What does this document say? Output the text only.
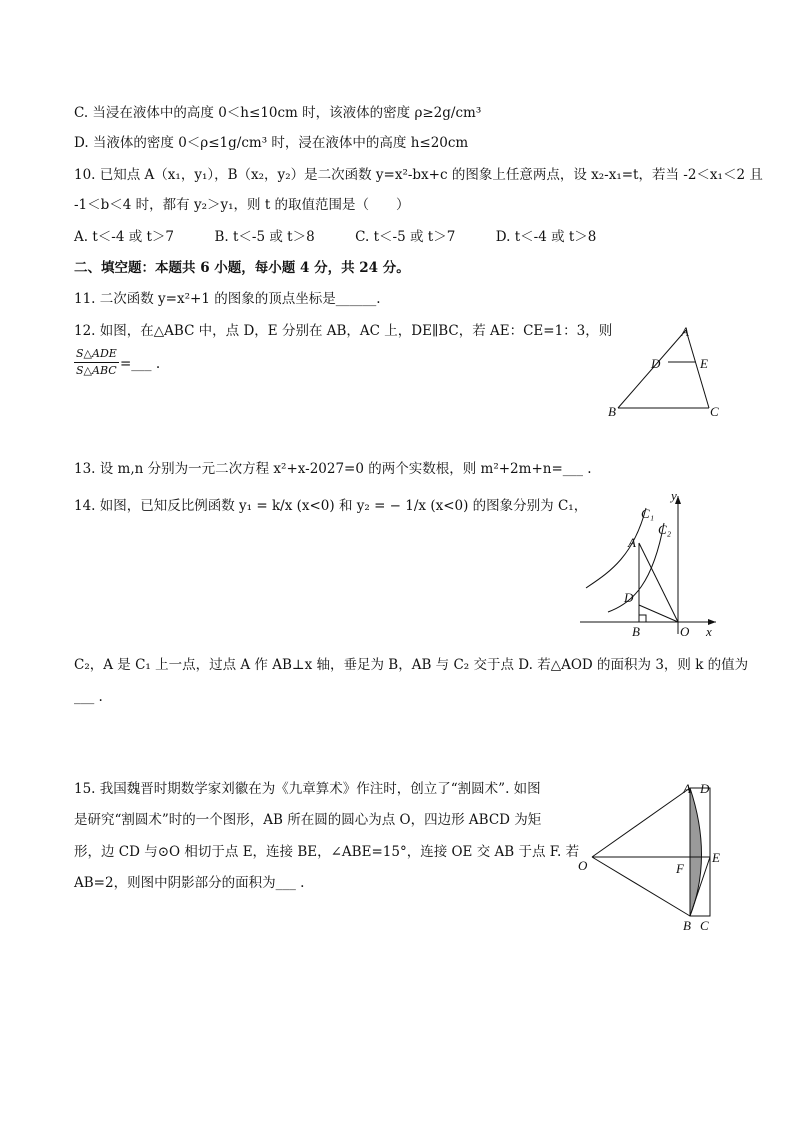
C. 当浸在液体中的高度 0＜h≤10cm 时，该液体的密度 ρ≥2g/cm³
D. 当液体的密度 0＜ρ≤1g/cm³ 时，浸在液体中的高度 h≤20cm
10. 已知点 A（x₁，y₁），B（x₂，y₂）是二次函数 y=x²-bx+c 的图象上任意两点，设 x₂-x₁=t，若当 -2＜x₁＜2 且
-1＜b＜4 时，都有 y₂＞y₁，则 t 的取值范围是（　　）
A. t＜-4 或 t＞7　　　B. t＜-5 或 t＞8　　　C. t＜-5 或 t＞7　　　D. t＜-4 或 t＞8
二、填空题：本题共 6 小题，每小题 4 分，共 24 分。
11. 二次函数 y=x²+1 的图象的顶点坐标是______.
12. 如图，在△ABC 中，点 D，E 分别在 AB，AC 上，DE∥BC，若 AE：CE=1：3，则
S△ADE
S△ABC =___ .
A
D	E
B	C
13. 设 m,n 分别为一元二次方程 x²+x-2027=0 的两个实数根，则 m²+2m+n=___ .
14. 如图，已知反比例函数 y₁ = k/x (x<0) 和 y₂ = − 1/x (x<0) 的图象分别为 C₁，
y
x
C₁
C₂
A
D
B	O
C₂，A 是 C₁ 上一点，过点 A 作 AB⊥x 轴，垂足为 B，AB 与 C₂ 交于点 D. 若△AOD 的面积为 3，则 k 的值为
___ .
15. 我国魏晋时期数学家刘徽在为《九章算术》作注时，创立了“割圆术”. 如图
是研究“割圆术”时的一个图形，AB 所在圆的圆心为点 O，四边形 ABCD 为矩
形，边 CD 与⊙O 相切于点 E，连接 BE，∠ABE=15°，连接 OE 交 AB 于点 F. 若
AB=2，则图中阴影部分的面积为___ .
A D
O	F
E
B C
